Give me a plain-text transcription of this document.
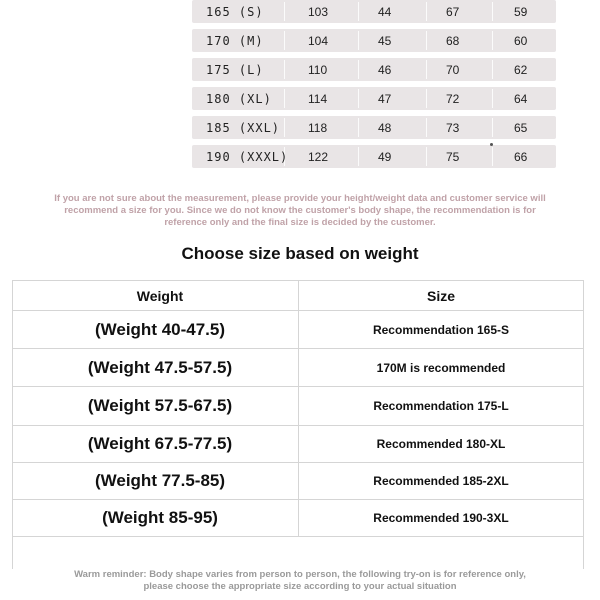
165 (S)	103	44	67	59
170 (M)	104	45	68	60
175 (L)	110	46	70	62
180 (XL)	114	47	72	64
185 (XXL) 118	48	73	65
190 (XXXL) 122	49	75	66
If you are not sure about the measurement, please provide your height/weight data and customer service will
recommend a size for you. Since we do not know the customer's body shape, the recommendation is for
reference only and the final size is decided by the customer.
Choose size based on weight
Weight	Size
(Weight 40-47.5)	Recommendation 165-S
(Weight 47.5-57.5)	170M is recommended
(Weight 57.5-67.5)	Recommendation 175-L
(Weight 67.5-77.5)	Recommended 180-XL
(Weight 77.5-85)	Recommended 185-2XL
(Weight 85-95)	Recommended 190-3XL
Warm reminder: Body shape varies from person to person, the following try-on is for reference only,
please choose the appropriate size according to your actual situation
